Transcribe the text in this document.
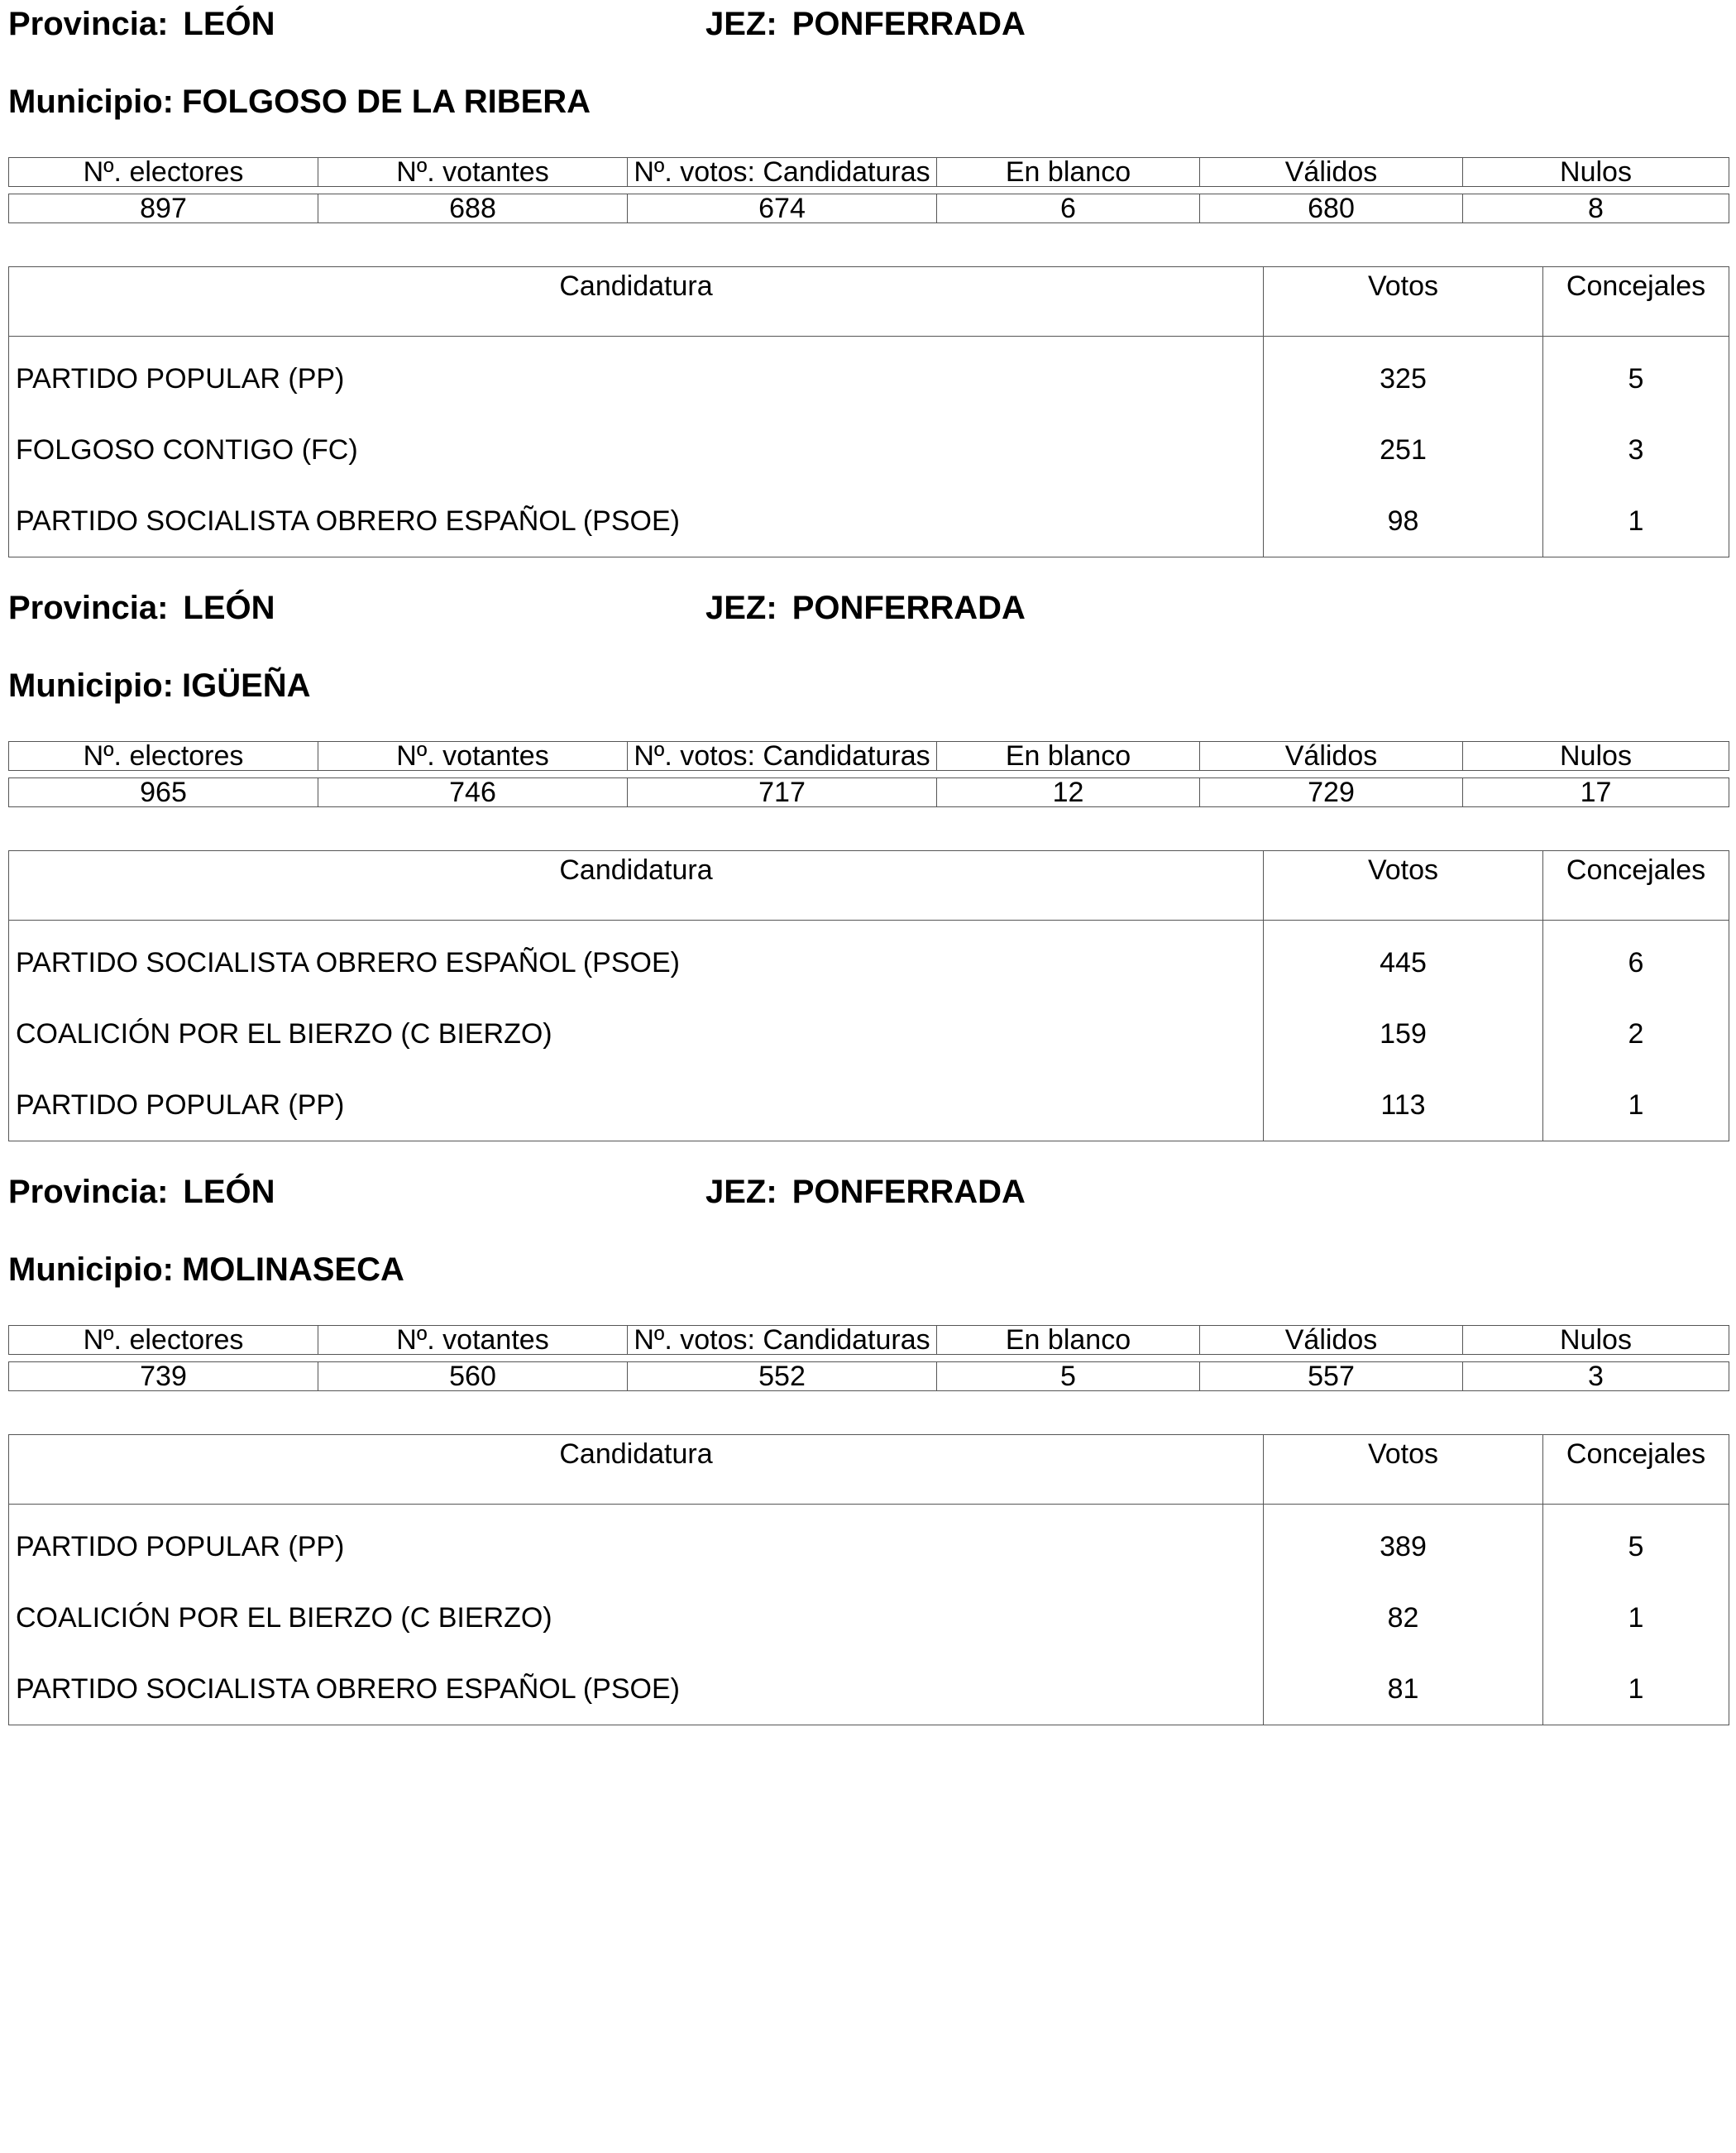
Provincia: LEÓN	JEZ: PONFERRADA
Municipio: FOLGOSO DE LA RIBERA
Nº. electores	Nº. votantes	Nº. votos: Candidaturas	En blanco	Válidos	Nulos
897	688	674	6	680	8
Candidatura	Votos	Concejales
PARTIDO POPULAR (PP)	325	5
FOLGOSO CONTIGO (FC)	251	3
PARTIDO SOCIALISTA OBRERO ESPAÑOL (PSOE)	98	1
Provincia: LEÓN	JEZ: PONFERRADA
Municipio: IGÜEÑA
Nº. electores	Nº. votantes	Nº. votos: Candidaturas	En blanco	Válidos	Nulos
965	746	717	12	729	17
Candidatura	Votos	Concejales
PARTIDO SOCIALISTA OBRERO ESPAÑOL (PSOE)	445	6
COALICIÓN POR EL BIERZO (C BIERZO)	159	2
PARTIDO POPULAR (PP)	113	1
Provincia: LEÓN	JEZ: PONFERRADA
Municipio: MOLINASECA
Nº. electores	Nº. votantes	Nº. votos: Candidaturas	En blanco	Válidos	Nulos
739	560	552	5	557	3
Candidatura	Votos	Concejales
PARTIDO POPULAR (PP)	389	5
COALICIÓN POR EL BIERZO (C BIERZO)	82	1
PARTIDO SOCIALISTA OBRERO ESPAÑOL (PSOE)	81	1
